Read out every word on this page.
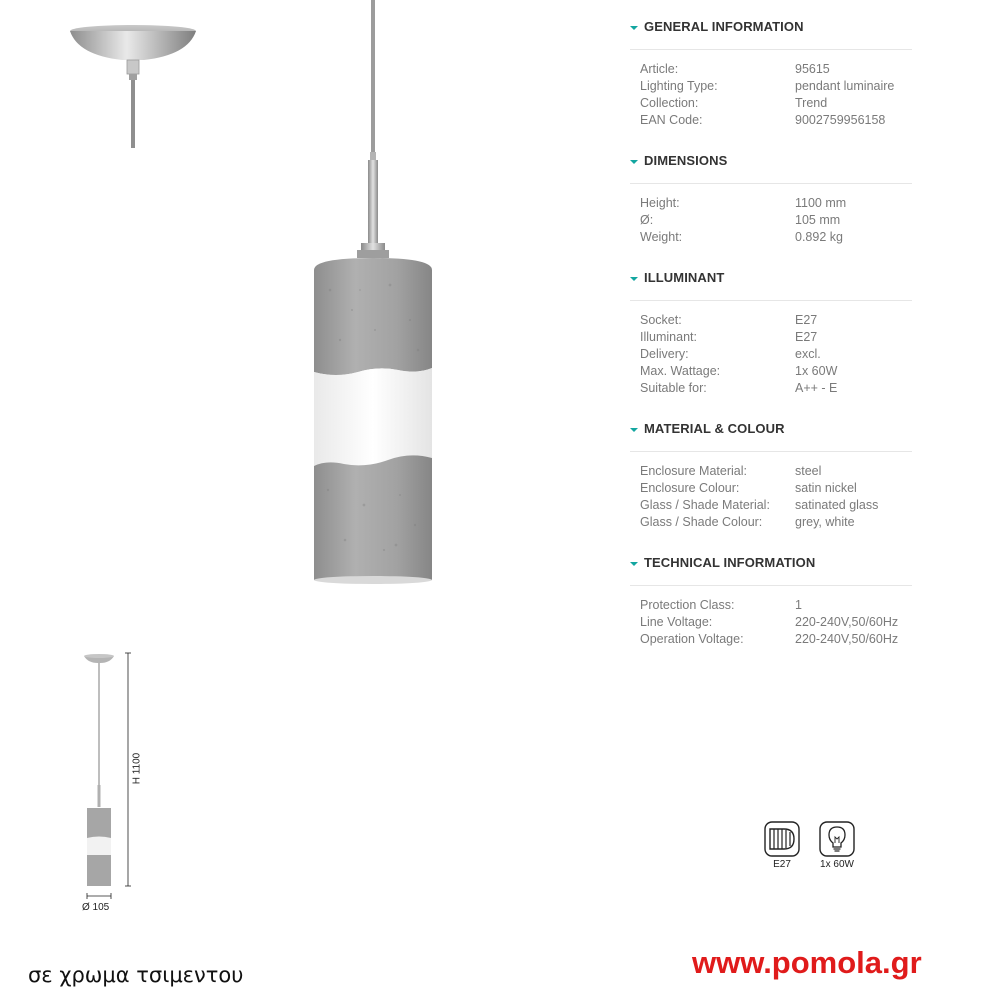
H 1100
Ø 105
GENERAL INFORMATION
Article:	95615
Lighting Type:	pendant luminaire
Collection:	Trend
EAN Code:	9002759956158
DIMENSIONS
Height:	1100 mm
Ø:	105 mm
Weight:	0.892 kg
ILLUMINANT
Socket:	E27
Illuminant:	E27
Delivery:	excl.
Max. Wattage:	1x 60W
Suitable for:	A++ - E
MATERIAL & COLOUR
Enclosure Material:	steel
Enclosure Colour:	satin nickel
Glass / Shade Material:	satinated glass
Glass / Shade Colour:	grey, white
TECHNICAL INFORMATION
Protection Class:	1
Line Voltage:	220-240V,50/60Hz
Operation Voltage:	220-240V,50/60Hz
E27	1x 60W
σε χρωμα τσιμεντου	www.pomola.gr
